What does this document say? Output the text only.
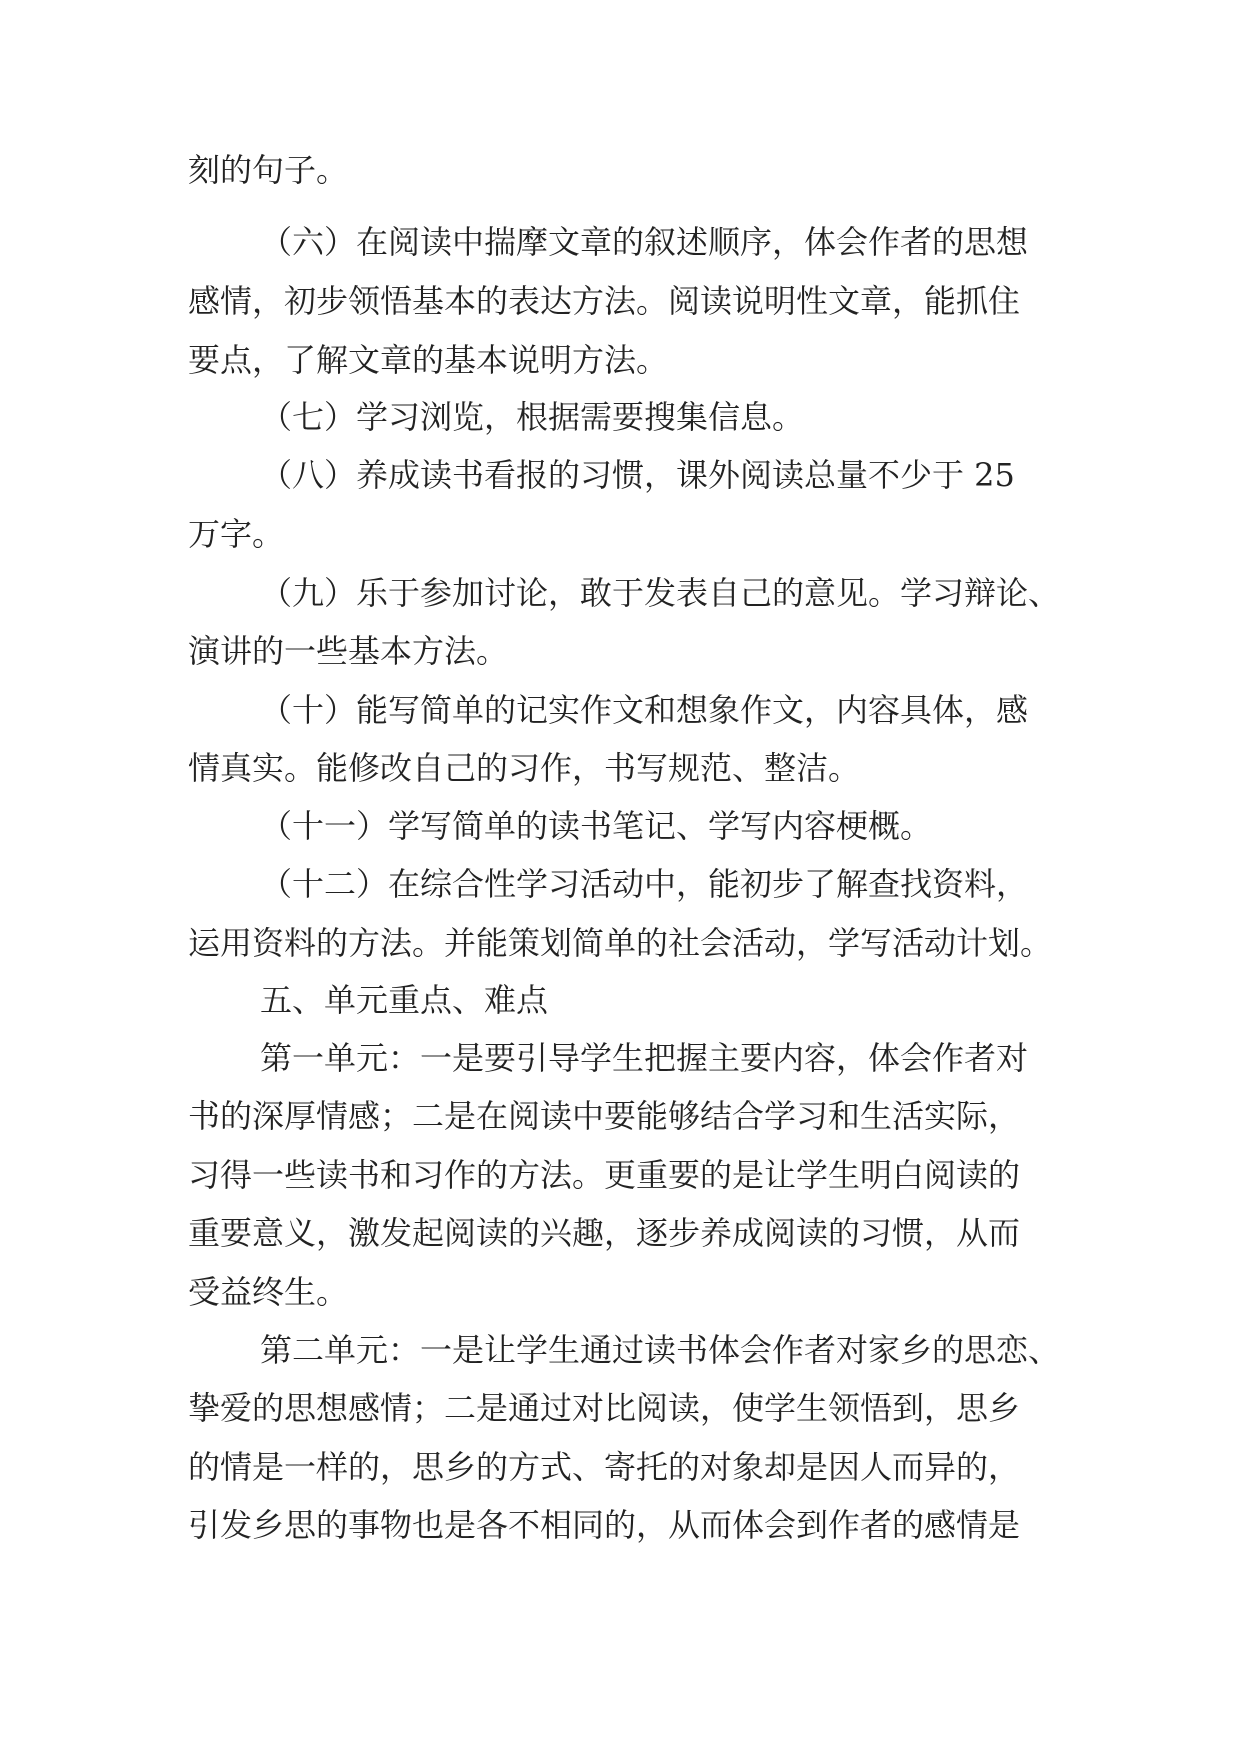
刻的句子。
（六）在阅读中揣摩文章的叙述顺序，体会作者的思想
感情，初步领悟基本的表达方法。阅读说明性文章，能抓住
要点，了解文章的基本说明方法。
（七）学习浏览，根据需要搜集信息。
（八）养成读书看报的习惯，课外阅读总量不少于 25
万字。
（九）乐于参加讨论，敢于发表自己的意见。学习辩论、
演讲的一些基本方法。
（十）能写简单的记实作文和想象作文，内容具体，感
情真实。能修改自己的习作，书写规范、整洁。
（十一）学写简单的读书笔记、学写内容梗概。
（十二）在综合性学习活动中，能初步了解查找资料，
运用资料的方法。并能策划简单的社会活动，学写活动计划。
五、单元重点、难点
第一单元：一是要引导学生把握主要内容，体会作者对
书的深厚情感；二是在阅读中要能够结合学习和生活实际，
习得一些读书和习作的方法。更重要的是让学生明白阅读的
重要意义，激发起阅读的兴趣，逐步养成阅读的习惯，从而
受益终生。
第二单元：一是让学生通过读书体会作者对家乡的思恋、
挚爱的思想感情；二是通过对比阅读，使学生领悟到，思乡
的情是一样的，思乡的方式、寄托的对象却是因人而异的，
引发乡思的事物也是各不相同的，从而体会到作者的感情是
